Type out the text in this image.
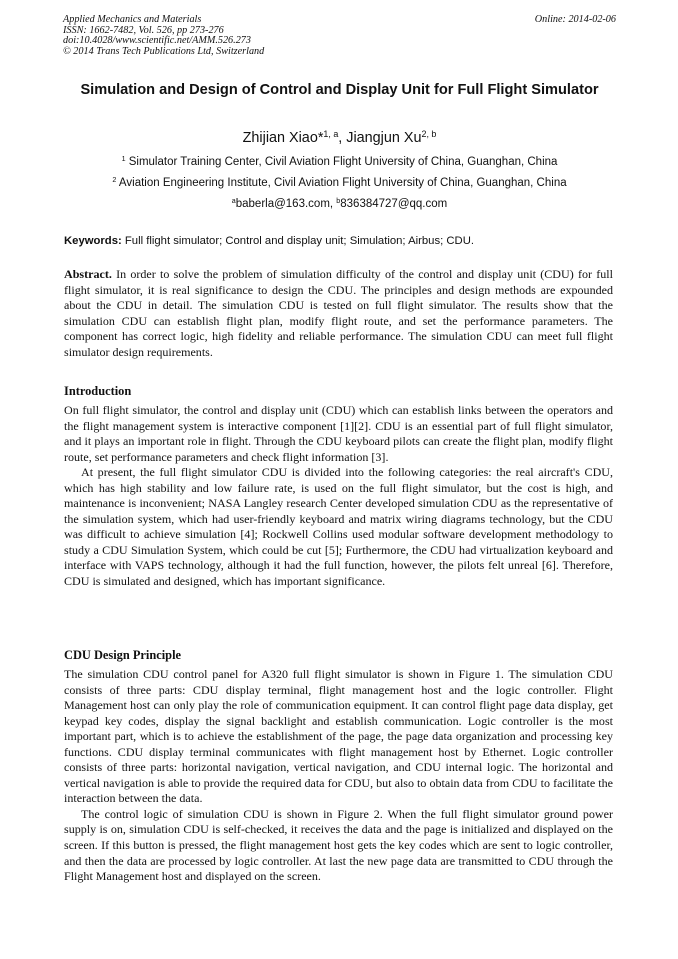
Applied Mechanics and Materials
ISSN: 1662-7482, Vol. 526, pp 273-276
doi:10.4028/www.scientific.net/AMM.526.273
© 2014 Trans Tech Publications Ltd, Switzerland
Online: 2014-02-06
Simulation and Design of Control and Display Unit for Full Flight Simulator
Zhijian Xiao*$^{1, a}$, Jiangjun Xu$^{2, b}$
$^1$ Simulator Training Center, Civil Aviation Flight University of China, Guanghan, China
$^2$ Aviation Engineering Institute, Civil Aviation Flight University of China, Guanghan, China
$^a$baberla@163.com, $^b$836384727@qq.com
Keywords: Full flight simulator; Control and display unit; Simulation; Airbus; CDU.
Abstract. In order to solve the problem of simulation difficulty of the control and display unit (CDU) for full flight simulator, it is real significance to design the CDU. The principles and design methods are expounded about the CDU in detail. The simulation CDU is tested on full flight simulator. The results show that the simulation CDU can establish flight plan, modify flight route, and set the performance parameters. The component has correct logic, high fidelity and reliable performance. The simulation CDU can meet full flight simulator design requirements.
Introduction
On full flight simulator, the control and display unit (CDU) which can establish links between the operators and the flight management system is interactive component [1][2]. CDU is an essential part of full flight simulator, and it plays an important role in flight. Through the CDU keyboard pilots can create the flight plan, modify flight route, set performance parameters and check flight information [3].
At present, the full flight simulator CDU is divided into the following categories: the real aircraft's CDU, which has high stability and low failure rate, is used on the full flight simulator, but the cost is high, and maintenance is inconvenient; NASA Langley research Center developed simulation CDU as the representative of the simulation system, which had user-friendly keyboard and matrix wiring diagrams technology, but the CDU was difficult to achieve simulation [4]; Rockwell Collins used modular software development methodology to study a CDU Simulation System, which could be cut [5]; Furthermore, the CDU had virtualization keyboard and interface with VAPS technology, although it had the full function, however, the pilots felt unreal [6]. Therefore, CDU is simulated and designed, which has important significance.
CDU Design Principle
The simulation CDU control panel for A320 full flight simulator is shown in Figure 1. The simulation CDU consists of three parts: CDU display terminal, flight management host and the logic controller. Flight Management host can only play the role of communication equipment. It can control flight page data display, get keypad key codes, display the signal backlight and establish communication. Logic controller is the most important part, which is to achieve the establishment of the page, the page data organization and processing key functions. CDU display terminal communicates with flight management host by Ethernet. Logic controller consists of three parts: horizontal navigation, vertical navigation, and CDU internal logic. The horizontal and vertical navigation is able to provide the required data for CDU, but also to obtain data from CDU to facilitate the interaction between the data.
The control logic of simulation CDU is shown in Figure 2. When the full flight simulator ground power supply is on, simulation CDU is self-checked, it receives the data and the page is initialized and displayed on the screen. If this button is pressed, the flight management host gets the key codes which are sent to logic controller, and then the data are processed by logic controller. At last the new page data are transmitted to CDU through the Flight Management host and displayed on the screen.
